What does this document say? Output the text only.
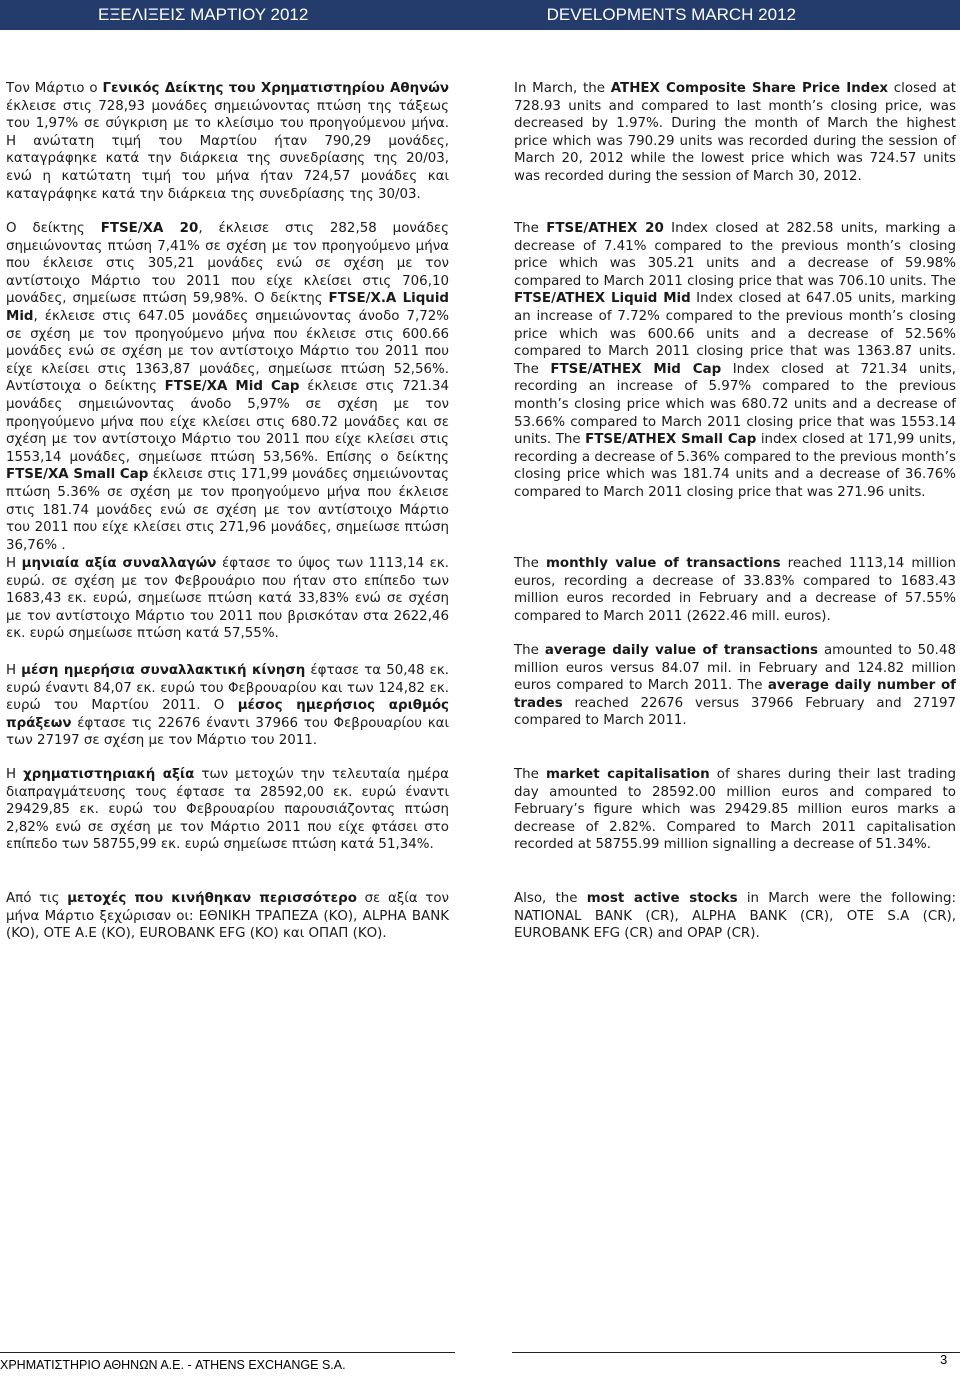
ΕΞΕΛΙΞΕΙΣ ΜΑΡΤΙΟΥ 2012	DEVELOPMENTS MARCH 2012

Τον Μάρτιο ο Γενικός Δείκτης του Χρηματιστηρίου Αθηνών έκλεισε στις 728,93 μονάδες σημειώνοντας πτώση της τάξεως του 1,97% σε σύγκριση με το κλείσιμο του προηγούμενου μήνα. Η ανώτατη τιμή του Μαρτίου ήταν 790,29 μονάδες, καταγράφηκε κατά την διάρκεια της συνεδρίασης της 20/03, ενώ η κατώτατη τιμή του μήνα ήταν 724,57 μονάδες και καταγράφηκε κατά την διάρκεια της συνεδρίασης της 30/03.

Ο δείκτης FTSE/XA 20, έκλεισε στις 282,58 μονάδες σημειώνοντας πτώση 7,41% σε σχέση με τον προηγούμενο μήνα που έκλεισε στις 305,21 μονάδες ενώ σε σχέση με τον αντίστοιχο Μάρτιο του 2011 που είχε κλείσει στις 706,10 μονάδες, σημείωσε πτώση 59,98%. Ο δείκτης FTSE/X.A Liquid Mid, έκλεισε στις 647.05 μονάδες σημειώνοντας άνοδο 7,72% σε σχέση με τον προηγούμενο μήνα που έκλεισε στις 600.66 μονάδες ενώ σε σχέση με τον αντίστοιχο Μάρτιο του 2011 που είχε κλείσει στις 1363,87 μονάδες, σημείωσε πτώση 52,56%. Αντίστοιχα ο δείκτης FTSE/XA Mid Cap έκλεισε στις 721.34 μονάδες σημειώνοντας άνοδο 5,97% σε σχέση με τον προηγούμενο μήνα που είχε κλείσει στις 680.72 μονάδες και σε σχέση με τον αντίστοιχο Μάρτιο του 2011 που είχε κλείσει στις 1553,14 μονάδες, σημείωσε πτώση 53,56%. Επίσης ο δείκτης FTSE/XA Small Cap έκλεισε στις 171,99 μονάδες σημειώνοντας πτώση 5.36% σε σχέση με τον προηγούμενο μήνα που έκλεισε στις 181.74 μονάδες ενώ σε σχέση με τον αντίστοιχο Μάρτιο του 2011 που είχε κλείσει στις 271,96 μονάδες, σημείωσε πτώση 36,76% .

Η μηνιαία αξία συναλλαγών έφτασε το ύψος των 1113,14 εκ. ευρώ. σε σχέση με τον Φεβρουάριο που ήταν στο επίπεδο των 1683,43 εκ. ευρώ, σημείωσε πτώση κατά 33,83% ενώ σε σχέση με τον αντίστοιχο Μάρτιο του 2011 που βρισκόταν στα 2622,46 εκ. ευρώ σημείωσε πτώση κατά 57,55%.

Η μέση ημερήσια συναλλακτική κίνηση έφτασε τα 50,48 εκ. ευρώ έναντι 84,07 εκ. ευρώ του Φεβρουαρίου και των 124,82 εκ. ευρώ του Μαρτίου 2011. Ο μέσος ημερήσιος αριθμός πράξεων έφτασε τις 22676 έναντι 37966 του Φεβρουαρίου και των 27197 σε σχέση με τον Μάρτιο του 2011.

Η χρηματιστηριακή αξία των μετοχών την τελευταία ημέρα διαπραγμάτευσης τους έφτασε τα 28592,00 εκ. ευρώ έναντι 29429,85 εκ. ευρώ του Φεβρουαρίου παρουσιάζοντας πτώση 2,82% ενώ σε σχέση με τον Μάρτιο 2011 που είχε φτάσει στο επίπεδο των 58755,99 εκ. ευρώ σημείωσε πτώση κατά 51,34%.

Από τις μετοχές που κινήθηκαν περισσότερο σε αξία τον μήνα Μάρτιο ξεχώρισαν οι: ΕΘΝΙΚΗ ΤΡΑΠΕΖΑ (ΚΟ), ALPHA BANK (KO), ΟΤΕ Α.Ε (ΚΟ), EUROBANK EFG (KO) και ΟΠΑΠ (ΚΟ).

In March, the ATHEX Composite Share Price Index closed at 728.93 units and compared to last month’s closing price, was decreased by 1.97%. During the month of March the highest price which was 790.29 units was recorded during the session of March 20, 2012 while the lowest price which was 724.57 units was recorded during the session of March 30, 2012.

The FTSE/ATHEX 20 Index closed at 282.58 units, marking a decrease of 7.41% compared to the previous month’s closing price which was 305.21 units and a decrease of 59.98% compared to March 2011 closing price that was 706.10 units. The FTSE/ATHEX Liquid Mid Index closed at 647.05 units, marking an increase of 7.72% compared to the previous month’s closing price which was 600.66 units and a decrease of 52.56% compared to March 2011 closing price that was 1363.87 units. The FTSE/ATHEX Mid Cap Index closed at 721.34 units, recording an increase of 5.97% compared to the previous month’s closing price which was 680.72 units and a decrease of 53.66% compared to March 2011 closing price that was 1553.14 units. The FTSE/ATHEX Small Cap index closed at 171,99 units, recording a decrease of 5.36% compared to the previous month’s closing price which was 181.74 units and a decrease of 36.76% compared to March 2011 closing price that was 271.96 units.

The monthly value of transactions reached 1113,14 million euros, recording a decrease of 33.83% compared to 1683.43 million euros recorded in February and a decrease of 57.55% compared to March 2011 (2622.46 mill. euros).

The average daily value of transactions amounted to 50.48 million euros versus 84.07 mil. in February and 124.82 million euros compared to March 2011. The average daily number of trades reached 22676 versus 37966 February and 27197 compared to March 2011.

The market capitalisation of shares during their last trading day amounted to 28592.00 million euros and compared to February’s figure which was 29429.85 million euros marks a decrease of 2.82%. Compared to March 2011 capitalisation recorded at 58755.99 million signalling a decrease of 51.34%.

Also, the most active stocks in March were the following: NATIONAL BANK (CR), ALPHA BANK (CR), OTE S.A (CR), EUROBANK EFG (CR) and OPAP (CR).

ΧΡΗΜΑΤΙΣΤΗΡΙΟ ΑΘΗΝΩΝ Α.Ε. - ATHENS EXCHANGE S.A.	3
